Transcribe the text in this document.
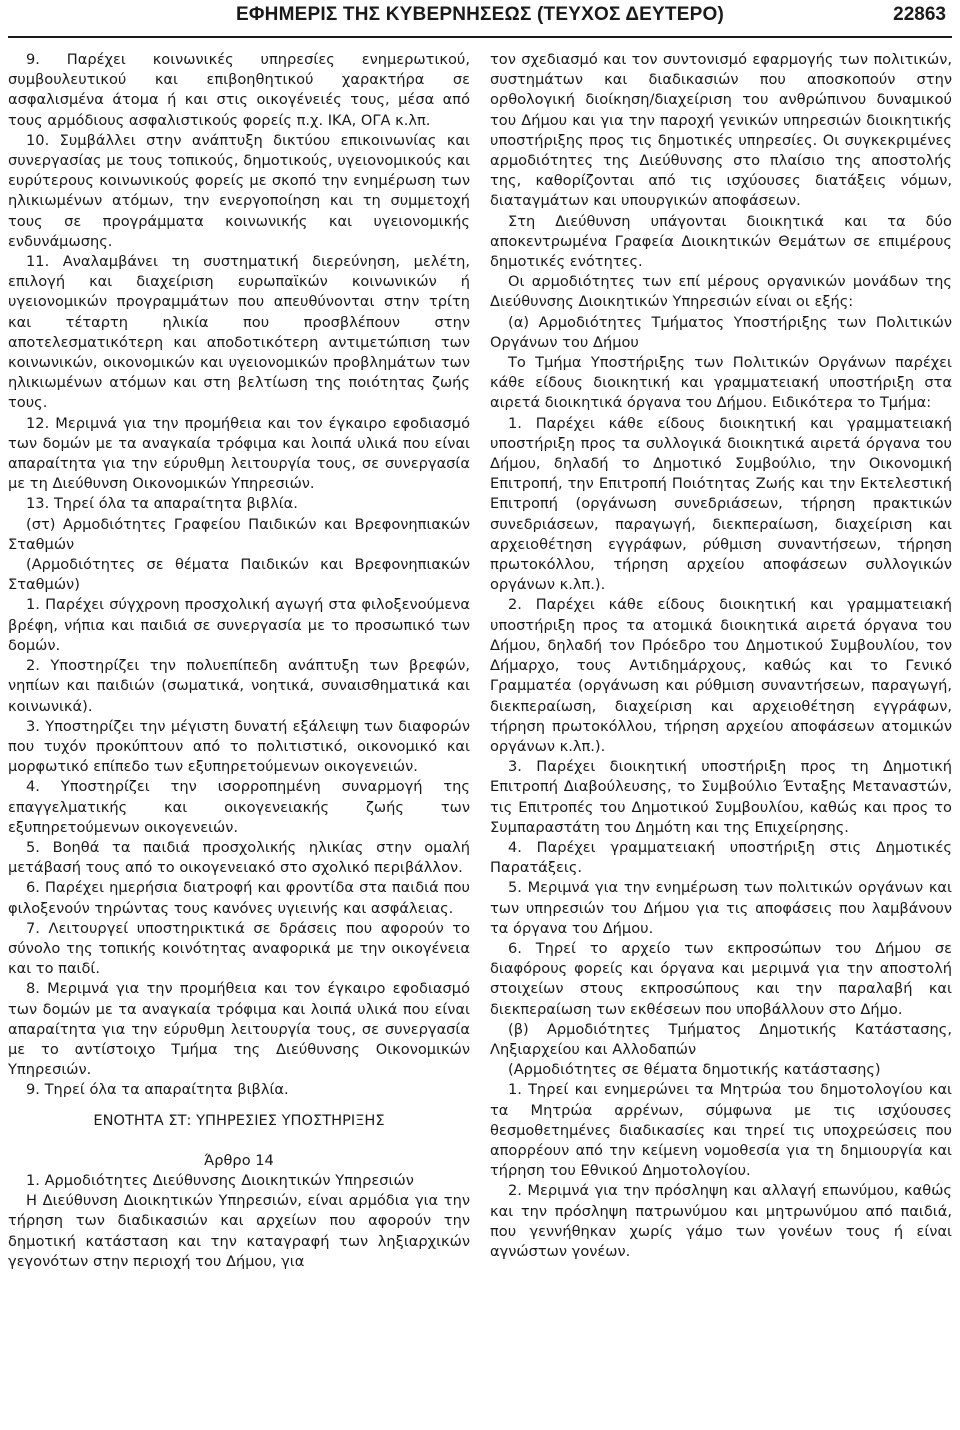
ΕΦΗΜΕΡΙΣ ΤΗΣ ΚΥΒΕΡΝΗΣΕΩΣ (ΤΕΥΧΟΣ ΔΕΥΤΕΡΟ)	22863

9. Παρέχει κοινωνικές υπηρεσίες ενημερωτικού, συμβουλευτικού και επιβοηθητικού χαρακτήρα σε ασφαλισμένα άτομα ή και στις οικογένειές τους, μέσα από τους αρμόδιους ασφαλιστικούς φορείς π.χ. ΙΚΑ, ΟΓΑ κ.λπ.

10. Συμβάλλει στην ανάπτυξη δικτύου επικοινωνίας και συνεργασίας με τους τοπικούς, δημοτικούς, υγειονομικούς και ευρύτερους κοινωνικούς φορείς με σκοπό την ενημέρωση των ηλικιωμένων ατόμων, την ενεργοποίηση και τη συμμετοχή τους σε προγράμματα κοινωνικής και υγειονομικής ενδυνάμωσης.

11. Αναλαμβάνει τη συστηματική διερεύνηση, μελέτη, επιλογή και διαχείριση ευρωπαϊκών κοινωνικών ή υγειονομικών προγραμμάτων που απευθύνονται στην τρίτη και τέταρτη ηλικία που προσβλέπουν στην αποτελεσματικότερη και αποδοτικότερη αντιμετώπιση των κοινωνικών, οικονομικών και υγειονομικών προβλημάτων των ηλικιωμένων ατόμων και στη βελτίωση της ποιότητας ζωής τους.

12. Μεριμνά για την προμήθεια και τον έγκαιρο εφοδιασμό των δομών με τα αναγκαία τρόφιμα και λοιπά υλικά που είναι απαραίτητα για την εύρυθμη λειτουργία τους, σε συνεργασία με τη Διεύθυνση Οικονομικών Υπηρεσιών.

13. Τηρεί όλα τα απαραίτητα βιβλία.

(στ) Αρμοδιότητες Γραφείου Παιδικών και Βρεφονηπιακών Σταθμών

(Αρμοδιότητες σε θέματα Παιδικών και Βρεφονηπιακών Σταθμών)

1. Παρέχει σύγχρονη προσχολική αγωγή στα φιλοξενούμενα βρέφη, νήπια και παιδιά σε συνεργασία με το προσωπικό των δομών.

2. Υποστηρίζει την πολυεπίπεδη ανάπτυξη των βρεφών, νηπίων και παιδιών (σωματικά, νοητικά, συναισθηματικά και κοινωνικά).

3. Υποστηρίζει την μέγιστη δυνατή εξάλειψη των διαφορών που τυχόν προκύπτουν από το πολιτιστικό, οικονομικό και μορφωτικό επίπεδο των εξυπηρετούμενων οικογενειών.

4. Υποστηρίζει την ισορροπημένη συναρμογή της επαγγελματικής και οικογενειακής ζωής των εξυπηρετούμενων οικογενειών.

5. Βοηθά τα παιδιά προσχολικής ηλικίας στην ομαλή μετάβασή τους από το οικογενειακό στο σχολικό περιβάλλον.

6. Παρέχει ημερήσια διατροφή και φροντίδα στα παιδιά που φιλοξενούν τηρώντας τους κανόνες υγιεινής και ασφάλειας.

7. Λειτουργεί υποστηρικτικά σε δράσεις που αφορούν το σύνολο της τοπικής κοινότητας αναφορικά με την οικογένεια και το παιδί.

8. Μεριμνά για την προμήθεια και τον έγκαιρο εφοδιασμό των δομών με τα αναγκαία τρόφιμα και λοιπά υλικά που είναι απαραίτητα για την εύρυθμη λειτουργία τους, σε συνεργασία με το αντίστοιχο Τμήμα της Διεύθυνσης Οικονομικών Υπηρεσιών.

9. Τηρεί όλα τα απαραίτητα βιβλία.

ΕΝΟΤΗΤΑ ΣΤ: ΥΠΗΡΕΣΙΕΣ ΥΠΟΣΤΗΡΙΞΗΣ

Άρθρο 14

1. Αρμοδιότητες Διεύθυνσης Διοικητικών Υπηρεσιών

Η Διεύθυνση Διοικητικών Υπηρεσιών, είναι αρμόδια για την τήρηση των διαδικασιών και αρχείων που αφορούν την δημοτική κατάσταση και την καταγραφή των ληξιαρχικών γεγονότων στην περιοχή του Δήμου, για

τον σχεδιασμό και τον συντονισμό εφαρμογής των πολιτικών, συστημάτων και διαδικασιών που αποσκοπούν στην ορθολογική διοίκηση/διαχείριση του ανθρώπινου δυναμικού του Δήμου και για την παροχή γενικών υπηρεσιών διοικητικής υποστήριξης προς τις δημοτικές υπηρεσίες. Οι συγκεκριμένες αρμοδιότητες της Διεύθυνσης στο πλαίσιο της αποστολής της, καθορίζονται από τις ισχύουσες διατάξεις νόμων, διαταγμάτων και υπουργικών αποφάσεων.

Στη Διεύθυνση υπάγονται διοικητικά και τα δύο αποκεντρωμένα Γραφεία Διοικητικών Θεμάτων σε επιμέρους δημοτικές ενότητες.

Οι αρμοδιότητες των επί μέρους οργανικών μονάδων της Διεύθυνσης Διοικητικών Υπηρεσιών είναι οι εξής:

(α) Αρμοδιότητες Τμήματος Υποστήριξης των Πολιτικών Οργάνων του Δήμου

Το Τμήμα Υποστήριξης των Πολιτικών Οργάνων παρέχει κάθε είδους διοικητική και γραμματειακή υποστήριξη στα αιρετά διοικητικά όργανα του Δήμου. Ειδικότερα το Τμήμα:

1. Παρέχει κάθε είδους διοικητική και γραμματειακή υποστήριξη προς τα συλλογικά διοικητικά αιρετά όργανα του Δήμου, δηλαδή το Δημοτικό Συμβούλιο, την Οικονομική Επιτροπή, την Επιτροπή Ποιότητας Ζωής και την Εκτελεστική Επιτροπή (οργάνωση συνεδριάσεων, τήρηση πρακτικών συνεδριάσεων, παραγωγή, διεκπεραίωση, διαχείριση και αρχειοθέτηση εγγράφων, ρύθμιση συναντήσεων, τήρηση πρωτοκόλλου, τήρηση αρχείου αποφάσεων συλλογικών οργάνων κ.λπ.).

2. Παρέχει κάθε είδους διοικητική και γραμματειακή υποστήριξη προς τα ατομικά διοικητικά αιρετά όργανα του Δήμου, δηλαδή τον Πρόεδρο του Δημοτικού Συμβουλίου, τον Δήμαρχο, τους Αντιδημάρχους, καθώς και το Γενικό Γραμματέα (οργάνωση και ρύθμιση συναντήσεων, παραγωγή, διεκπεραίωση, διαχείριση και αρχειοθέτηση εγγράφων, τήρηση πρωτοκόλλου, τήρηση αρχείου αποφάσεων ατομικών οργάνων κ.λπ.).

3. Παρέχει διοικητική υποστήριξη προς τη Δημοτική Επιτροπή Διαβούλευσης, το Συμβούλιο Ένταξης Μεταναστών, τις Επιτροπές του Δημοτικού Συμβουλίου, καθώς και προς το Συμπαραστάτη του Δημότη και της Επιχείρησης.

4. Παρέχει γραμματειακή υποστήριξη στις Δημοτικές Παρατάξεις.

5. Μεριμνά για την ενημέρωση των πολιτικών οργάνων και των υπηρεσιών του Δήμου για τις αποφάσεις που λαμβάνουν τα όργανα του Δήμου.

6. Τηρεί το αρχείο των εκπροσώπων του Δήμου σε διαφόρους φορείς και όργανα και μεριμνά για την αποστολή στοιχείων στους εκπροσώπους και την παραλαβή και διεκπεραίωση των εκθέσεων που υποβάλλουν στο Δήμο.

(β) Αρμοδιότητες Τμήματος Δημοτικής Κατάστασης, Ληξιαρχείου και Αλλοδαπών

(Αρμοδιότητες σε θέματα δημοτικής κατάστασης)

1. Τηρεί και ενημερώνει τα Μητρώα του δημοτολογίου και τα Μητρώα αρρένων, σύμφωνα με τις ισχύουσες θεσμοθετημένες διαδικασίες και τηρεί τις υποχρεώσεις που απορρέουν από την κείμενη νομοθεσία για τη δημιουργία και τήρηση του Εθνικού Δημοτολογίου.

2. Μεριμνά για την πρόσληψη και αλλαγή επωνύμου, καθώς και την πρόσληψη πατρωνύμου και μητρωνύμου από παιδιά, που γεννήθηκαν χωρίς γάμο των γονέων τους ή είναι αγνώστων γονέων.
